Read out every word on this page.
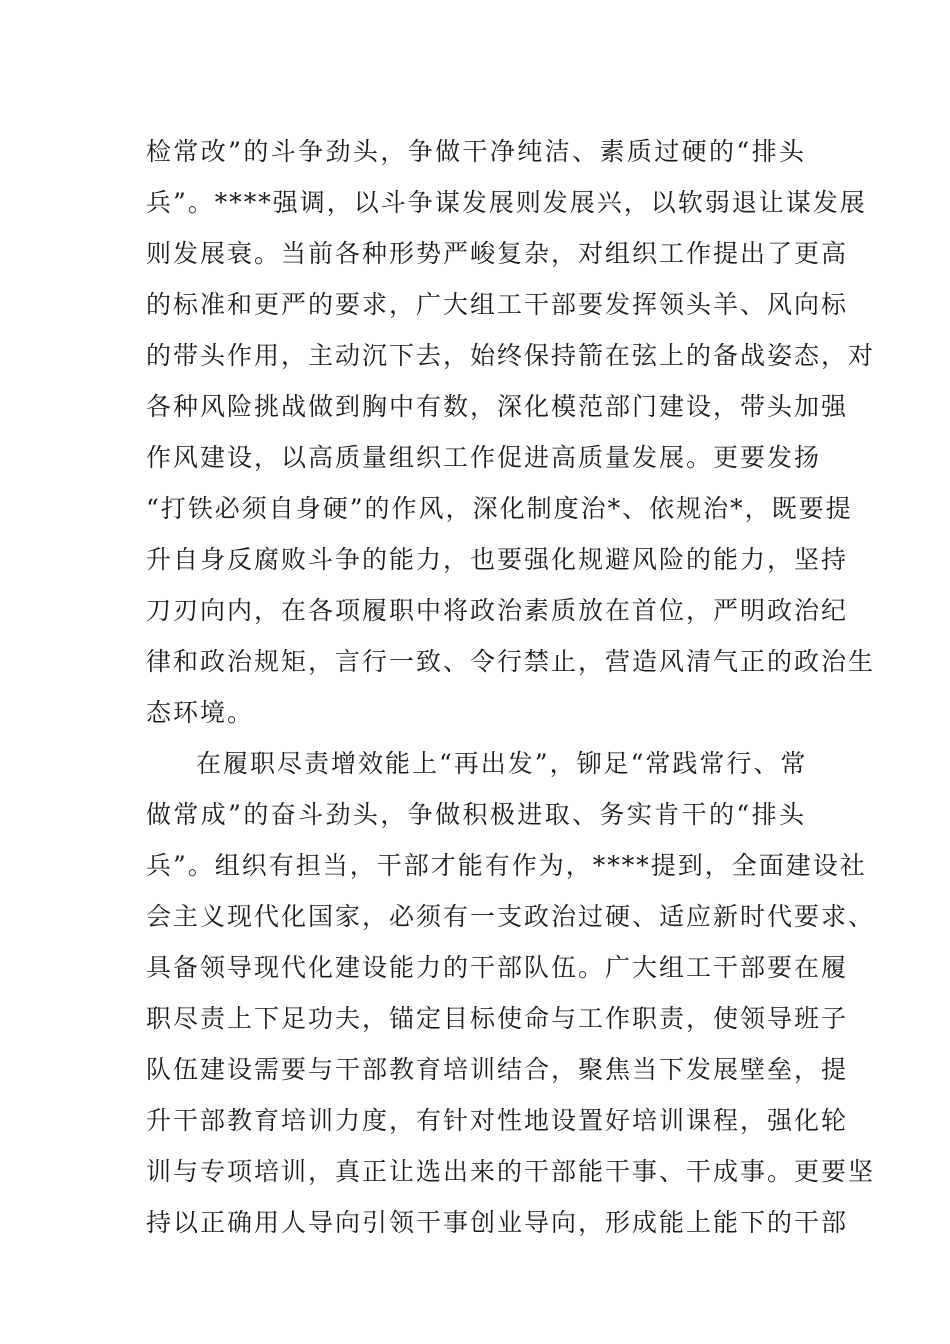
检常改”的斗争劲头，争做干净纯洁、素质过硬的“排头
兵”。****强调，以斗争谋发展则发展兴，以软弱退让谋发展
则发展衰。当前各种形势严峻复杂，对组织工作提出了更高
的标准和更严的要求，广大组工干部要发挥领头羊、风向标
的带头作用，主动沉下去，始终保持箭在弦上的备战姿态，对
各种风险挑战做到胸中有数，深化模范部门建设，带头加强
作风建设，以高质量组织工作促进高质量发展。更要发扬
“打铁必须自身硬”的作风，深化制度治*、依规治*，既要提
升自身反腐败斗争的能力，也要强化规避风险的能力，坚持
刀刃向内，在各项履职中将政治素质放在首位，严明政治纪
律和政治规矩，言行一致、令行禁止，营造风清气正的政治生
态环境。
在履职尽责增效能上“再出发”，铆足“常践常行、常
做常成”的奋斗劲头，争做积极进取、务实肯干的“排头
兵”。组织有担当，干部才能有作为，****提到，全面建设社
会主义现代化国家，必须有一支政治过硬、适应新时代要求、
具备领导现代化建设能力的干部队伍。广大组工干部要在履
职尽责上下足功夫，锚定目标使命与工作职责，使领导班子
队伍建设需要与干部教育培训结合，聚焦当下发展壁垒，提
升干部教育培训力度，有针对性地设置好培训课程，强化轮
训与专项培训，真正让选出来的干部能干事、干成事。更要坚
持以正确用人导向引领干事创业导向，形成能上能下的干部
